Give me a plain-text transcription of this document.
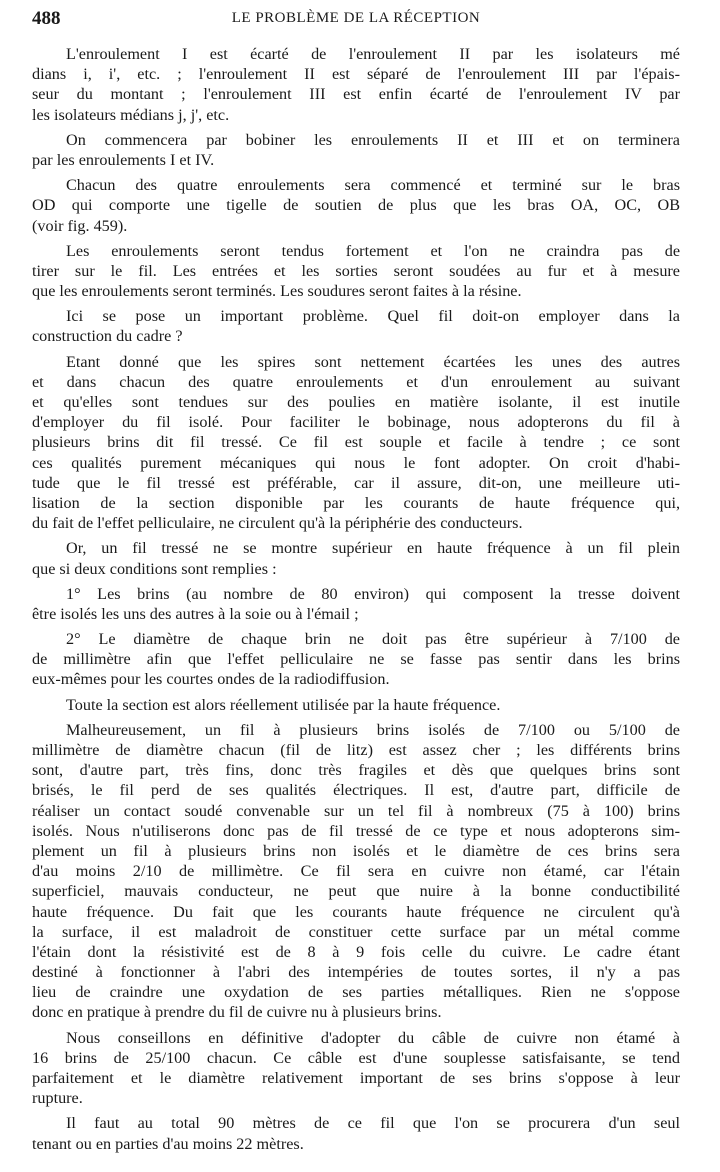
488	LE PROBLÈME DE LA RÉCEPTION
L'enroulement I est écarté de l'enroulement II par les isolateurs mé
dians i, i', etc. ; l'enroulement II est séparé de l'enroulement III par l'épais-
seur du montant ; l'enroulement III est enfin écarté de l'enroulement IV par
les isolateurs médians j, j', etc.
On commencera par bobiner les enroulements II et III et on terminera
par les enroulements I et IV.
Chacun des quatre enroulements sera commencé et terminé sur le bras
OD qui comporte une tigelle de soutien de plus que les bras OA, OC, OB
(voir fig. 459).
Les enroulements seront tendus fortement et l'on ne craindra pas de
tirer sur le fil. Les entrées et les sorties seront soudées au fur et à mesure
que les enroulements seront terminés. Les soudures seront faites à la résine.
Ici se pose un important problème. Quel fil doit-on employer dans la
construction du cadre ?
Etant donné que les spires sont nettement écartées les unes des autres
et dans chacun des quatre enroulements et d'un enroulement au suivant
et qu'elles sont tendues sur des poulies en matière isolante, il est inutile
d'employer du fil isolé. Pour faciliter le bobinage, nous adopterons du fil à
plusieurs brins dit fil tressé. Ce fil est souple et facile à tendre ; ce sont
ces qualités purement mécaniques qui nous le font adopter. On croit d'habi-
tude que le fil tressé est préférable, car il assure, dit-on, une meilleure uti-
lisation de la section disponible par les courants de haute fréquence qui,
du fait de l'effet pelliculaire, ne circulent qu'à la périphérie des conducteurs.
Or, un fil tressé ne se montre supérieur en haute fréquence à un fil plein
que si deux conditions sont remplies :
1° Les brins (au nombre de 80 environ) qui composent la tresse doivent
être isolés les uns des autres à la soie ou à l'émail ;
2° Le diamètre de chaque brin ne doit pas être supérieur à 7/100 de
de millimètre afin que l'effet pelliculaire ne se fasse pas sentir dans les brins
eux-mêmes pour les courtes ondes de la radiodiffusion.
Toute la section est alors réellement utilisée par la haute fréquence.
Malheureusement, un fil à plusieurs brins isolés de 7/100 ou 5/100 de
millimètre de diamètre chacun (fil de litz) est assez cher ; les différents brins
sont, d'autre part, très fins, donc très fragiles et dès que quelques brins sont
brisés, le fil perd de ses qualités électriques. Il est, d'autre part, difficile de
réaliser un contact soudé convenable sur un tel fil à nombreux (75 à 100) brins
isolés. Nous n'utiliserons donc pas de fil tressé de ce type et nous adopterons sim-
plement un fil à plusieurs brins non isolés et le diamètre de ces brins sera
d'au moins 2/10 de millimètre. Ce fil sera en cuivre non étamé, car l'étain
superficiel, mauvais conducteur, ne peut que nuire à la bonne conductibilité
haute fréquence. Du fait que les courants haute fréquence ne circulent qu'à
la surface, il est maladroit de constituer cette surface par un métal comme
l'étain dont la résistivité est de 8 à 9 fois celle du cuivre. Le cadre étant
destiné à fonctionner à l'abri des intempéries de toutes sortes, il n'y a pas
lieu de craindre une oxydation de ses parties métalliques. Rien ne s'oppose
donc en pratique à prendre du fil de cuivre nu à plusieurs brins.
Nous conseillons en définitive d'adopter du câble de cuivre non étamé à
16 brins de 25/100 chacun. Ce câble est d'une souplesse satisfaisante, se tend
parfaitement et le diamètre relativement important de ses brins s'oppose à leur
rupture.
Il faut au total 90 mètres de ce fil que l'on se procurera d'un seul
tenant ou en parties d'au moins 22 mètres.
